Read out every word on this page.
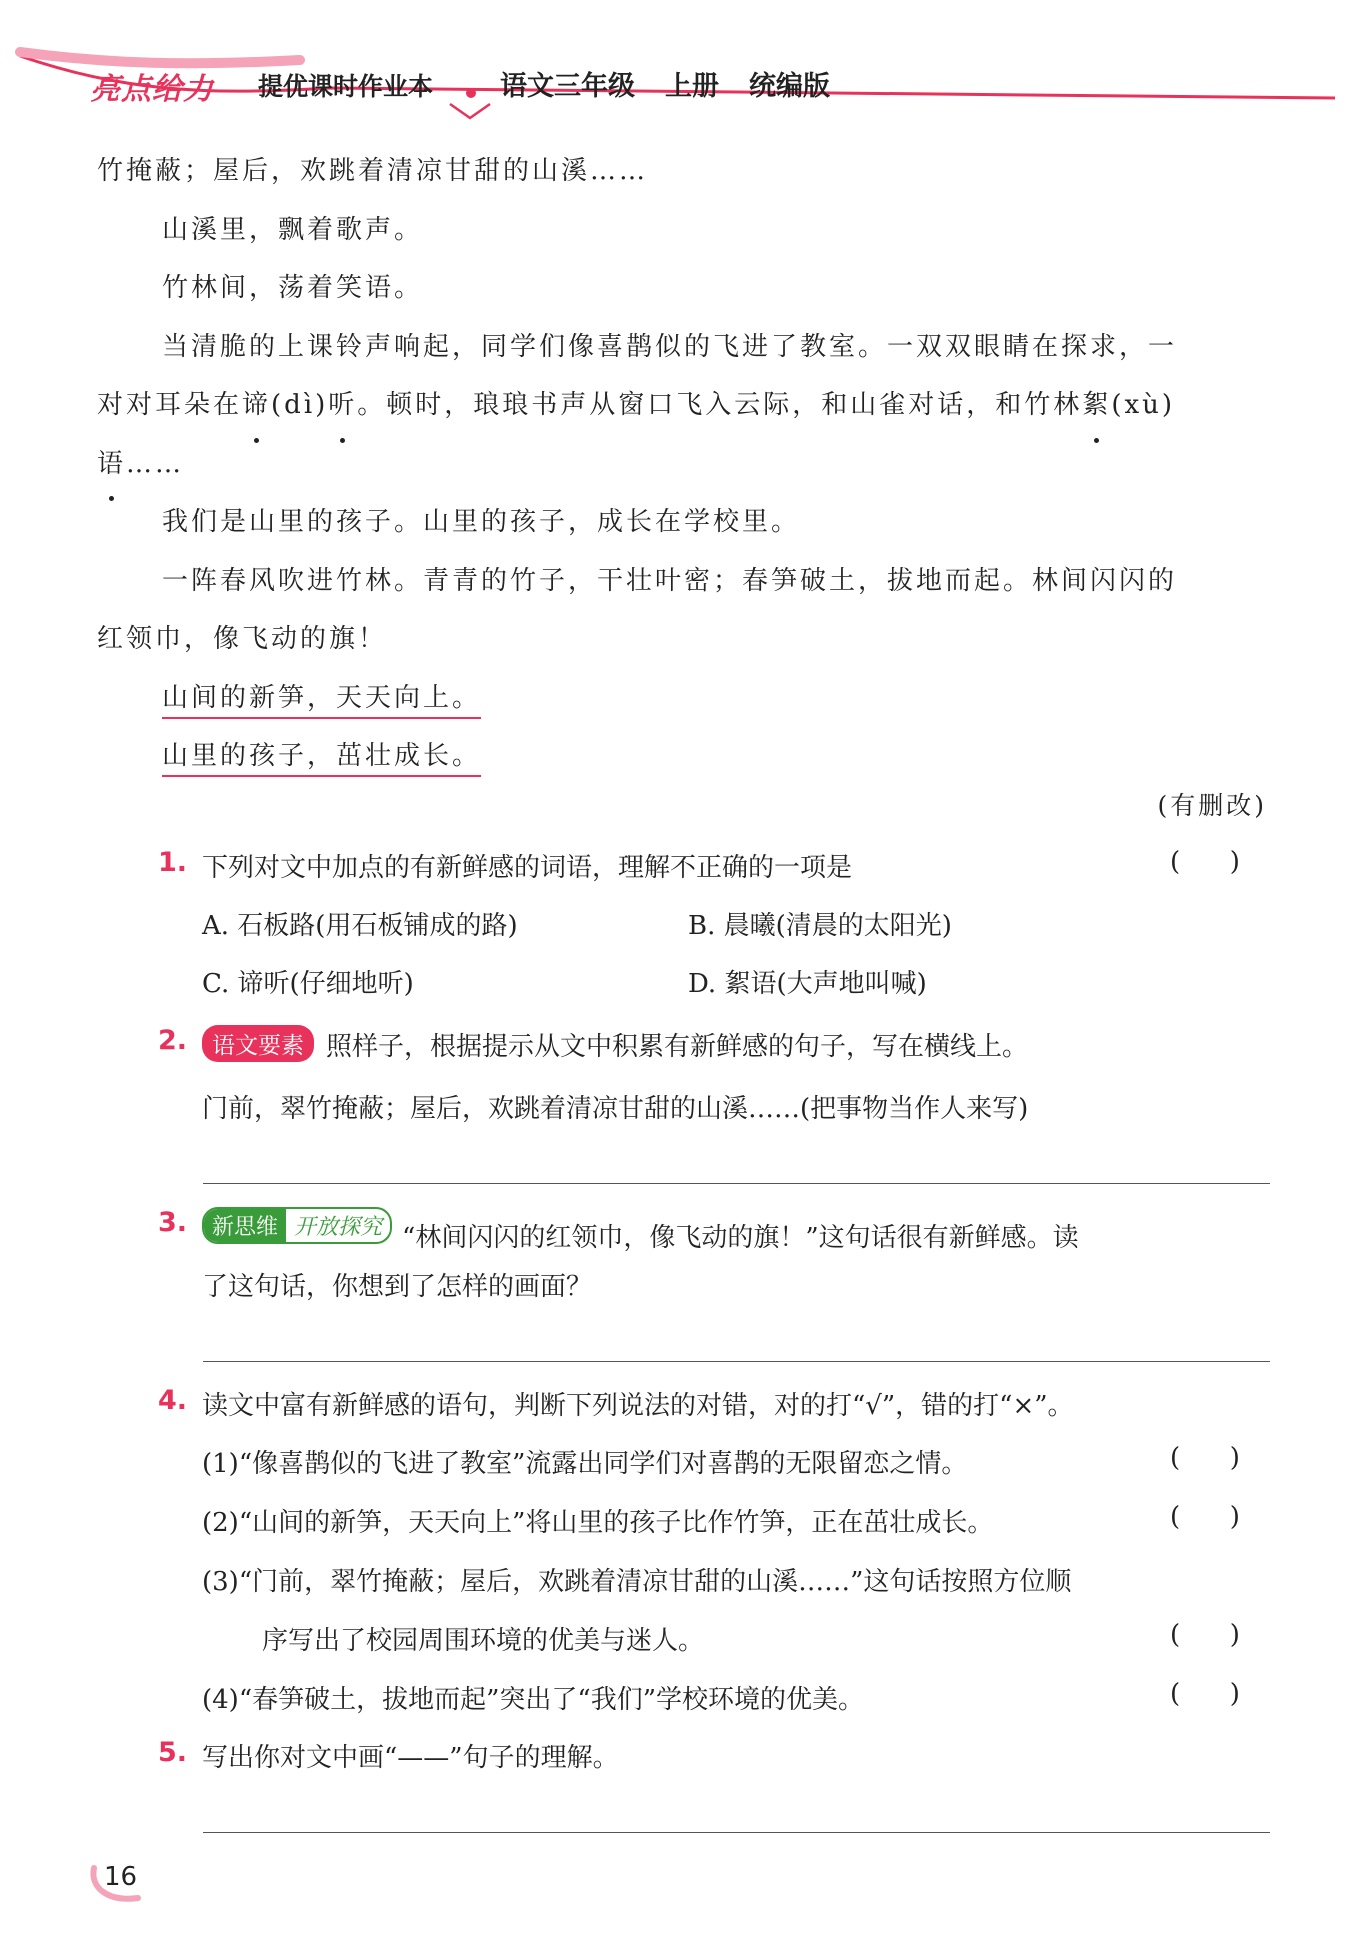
亮点给力 提优课时作业本 语文三年级 上册 统编版

竹掩蔽；屋后，欢跳着清凉甘甜的山溪……

山溪里，飘着歌声。

竹林间，荡着笑语。

当清脆的上课铃声响起，同学们像喜鹊似的飞进了教室。一双双眼睛在探求，一

对对耳朵在谛(dì)听。顿时，琅琅书声从窗口飞入云际，和山雀对话，和竹林絮(xù)

语……

我们是山里的孩子。山里的孩子，成长在学校里。

一阵春风吹进竹林。青青的竹子，干壮叶密；春笋破土，拔地而起。林间闪闪的

红领巾，像飞动的旗！

山间的新笋，天天向上。

山里的孩子，茁壮成长。

(有删改)
1. 下列对文中加点的有新鲜感的词语，理解不正确的一项是	(      )
A. 石板路(用石板铺成的路)	B. 晨曦(清晨的太阳光)
C. 谛听(仔细地听)	D. 絮语(大声地叫喊)
2.	语文要素 照样子，根据提示从文中积累有新鲜感的句子，写在横线上。
门前，翠竹掩蔽；屋后，欢跳着清凉甘甜的山溪……(把事物当作人来写)
3.	新思维 开放探究 “林间闪闪的红领巾，像飞动的旗！”这句话很有新鲜感。读
了这句话，你想到了怎样的画面？
4. 读文中富有新鲜感的语句，判断下列说法的对错，对的打“√”，错的打“×”。
(1)“像喜鹊似的飞进了教室”流露出同学们对喜鹊的无限留恋之情。	(      )
(2)“山间的新笋，天天向上”将山里的孩子比作竹笋，正在茁壮成长。	(      )
(3)“门前，翠竹掩蔽；屋后，欢跳着清凉甘甜的山溪……”这句话按照方位顺
序写出了校园周围环境的优美与迷人。	(      )
(4)“春笋破土，拔地而起”突出了“我们”学校环境的优美。	(      )
5. 写出你对文中画“——”句子的理解。
16
